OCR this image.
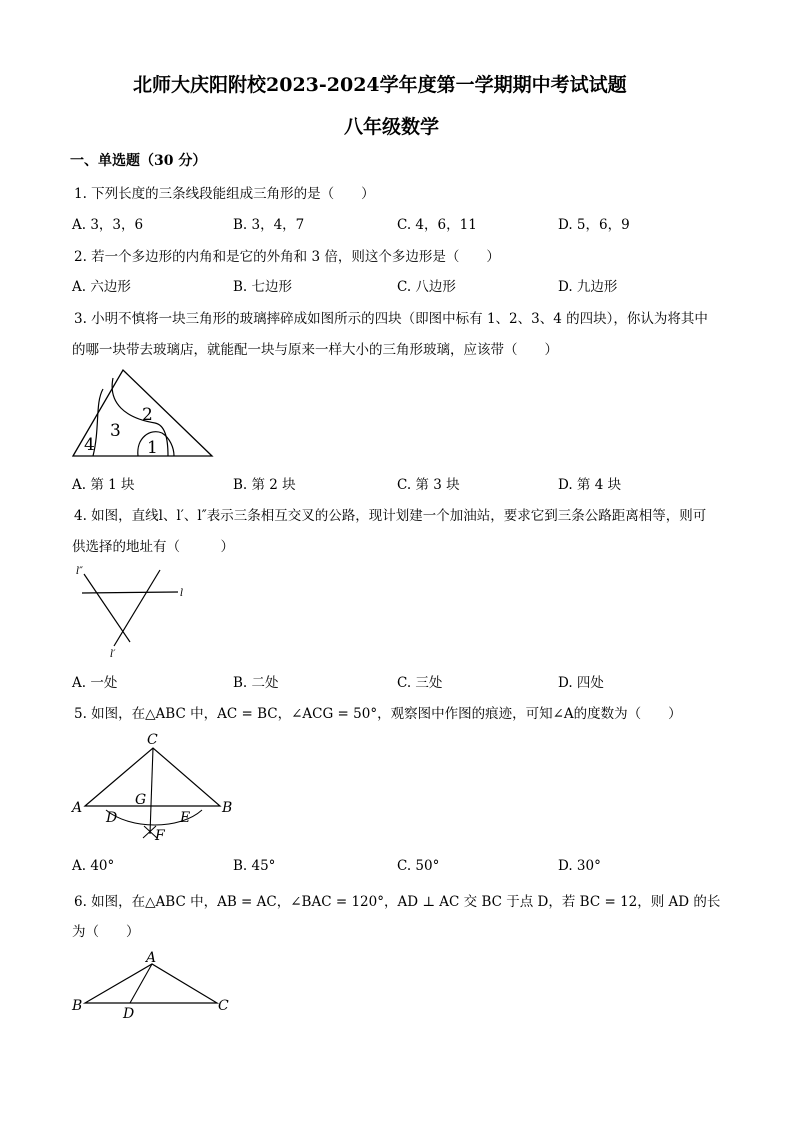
北师大庆阳附校2023-2024学年度第一学期期中考试试题
八年级数学
一、单选题（30 分）
1. 下列长度的三条线段能组成三角形的是（　　）
A. 3，3，6	B. 3，4，7	C. 4，6，11	D. 5，6，9
2. 若一个多边形的内角和是它的外角和 3 倍，则这个多边形是（　　）
A. 六边形	B. 七边形	C. 八边形	D. 九边形
3. 小明不慎将一块三角形的玻璃摔碎成如图所示的四块（即图中标有 1、2、3、4 的四块），你认为将其中
的哪一块带去玻璃店，就能配一块与原来一样大小的三角形玻璃，应该带（　　）
4
3
2
1
A. 第 1 块	B. 第 2 块	C. 第 3 块	D. 第 4 块
4. 如图，直线l、l′、l″表示三条相互交叉的公路，现计划建一个加油站，要求它到三条公路距离相等，则可
供选择的地址有（　　　）
l″
l
l′
A. 一处	B. 二处	C. 三处	D. 四处
5. 如图，在△ABC 中，AC = BC，∠ACG = 50°，观察图中作图的痕迹，可知∠A的度数为（　　）
C
A	B
G
D	E
F
A. 40°	B. 45°	C. 50°	D. 30°
6. 如图，在△ABC 中，AB = AC，∠BAC = 120°，AD ⊥ AC 交 BC 于点 D，若 BC = 12，则 AD 的长
为（　　）
A
B	D	C
